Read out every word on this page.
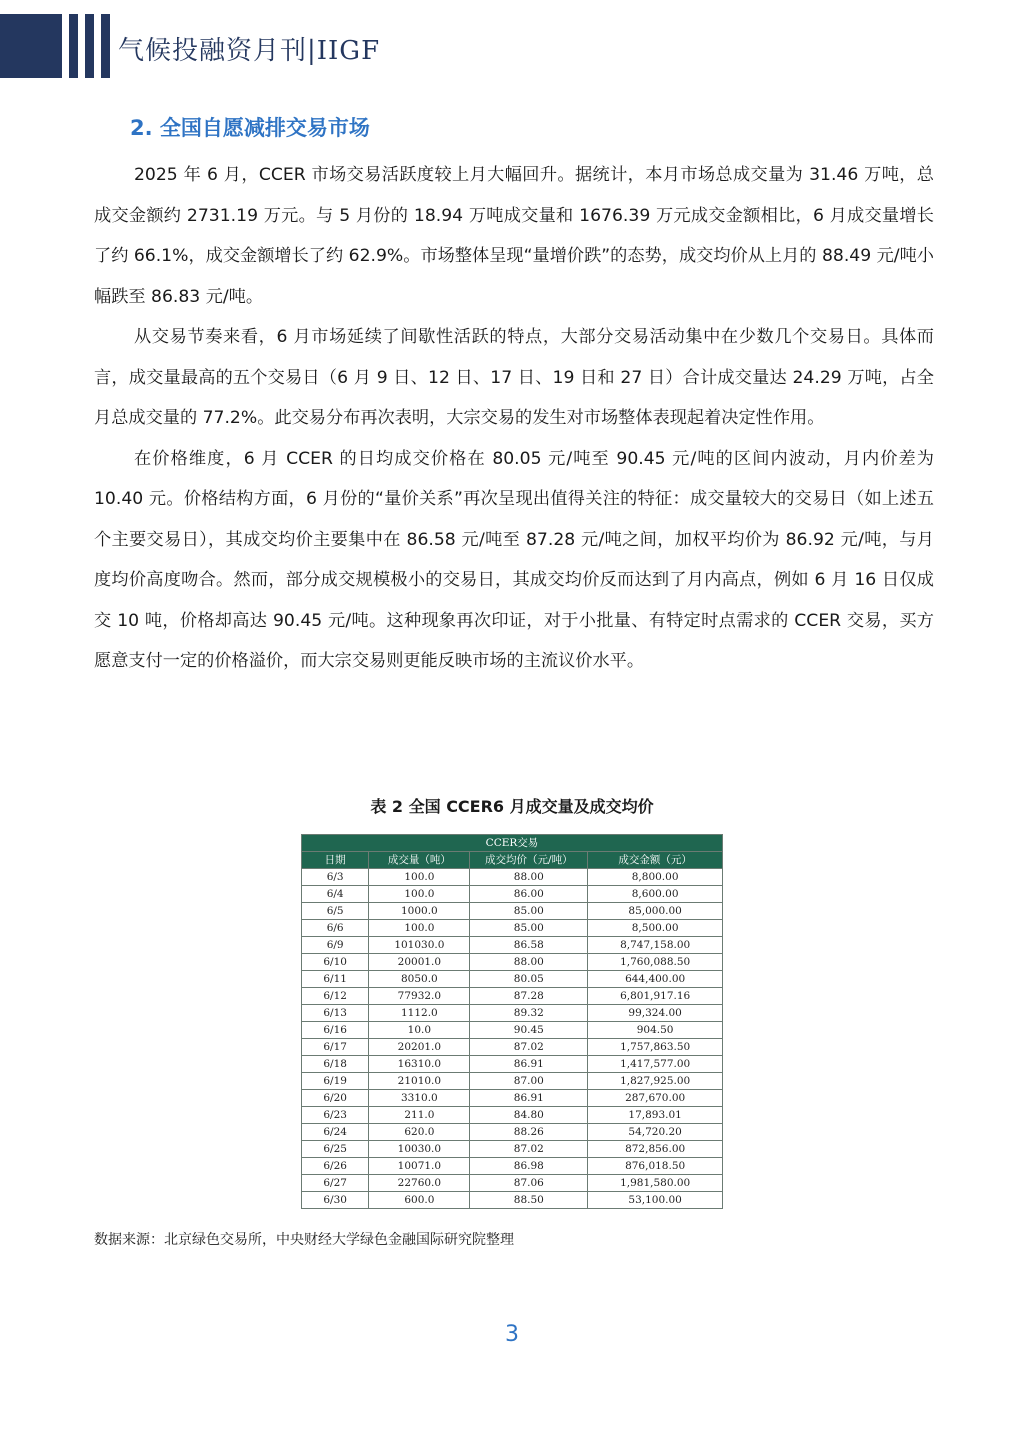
气候投融资月刊|IIGF
2. 全国自愿减排交易市场

2025 年 6 月，CCER 市场交易活跃度较上月大幅回升。据统计，本月市场总成交量为 31.46 万吨，总成交金额约 2731.19 万元。与 5 月份的 18.94 万吨成交量和 1676.39 万元成交金额相比，6 月成交量增长了约 66.1%，成交金额增长了约 62.9%。市场整体呈现“量增价跌”的态势，成交均价从上月的 88.49 元/吨小幅跌至 86.83 元/吨。

从交易节奏来看，6 月市场延续了间歇性活跃的特点，大部分交易活动集中在少数几个交易日。具体而言，成交量最高的五个交易日（6 月 9 日、12 日、17 日、19 日和 27 日）合计成交量达 24.29 万吨，占全月总成交量的 77.2%。此交易分布再次表明，大宗交易的发生对市场整体表现起着决定性作用。

在价格维度，6 月 CCER 的日均成交价格在 80.05 元/吨至 90.45 元/吨的区间内波动，月内价差为 10.40 元。价格结构方面，6 月份的“量价关系”再次呈现出值得关注的特征：成交量较大的交易日（如上述五个主要交易日），其成交均价主要集中在 86.58 元/吨至 87.28 元/吨之间，加权平均价为 86.92 元/吨，与月度均价高度吻合。然而，部分成交规模极小的交易日，其成交均价反而达到了月内高点，例如 6 月 16 日仅成交 10 吨，价格却高达 90.45 元/吨。这种现象再次印证，对于小批量、有特定时点需求的 CCER 交易，买方愿意支付一定的价格溢价，而大宗交易则更能反映市场的主流议价水平。

表 2 全国 CCER6 月成交量及成交均价
CCER交易			
日期	成交量（吨）	成交均价（元/吨）	成交金额（元）
6/3	100.0	88.00	8,800.00
6/4	100.0	86.00	8,600.00
6/5	1000.0	85.00	85,000.00
6/6	100.0	85.00	8,500.00
6/9	101030.0	86.58	8,747,158.00
6/10	20001.0	88.00	1,760,088.50
6/11	8050.0	80.05	644,400.00
6/12	77932.0	87.28	6,801,917.16
6/13	1112.0	89.32	99,324.00
6/16	10.0	90.45	904.50
6/17	20201.0	87.02	1,757,863.50
6/18	16310.0	86.91	1,417,577.00
6/19	21010.0	87.00	1,827,925.00
6/20	3310.0	86.91	287,670.00
6/23	211.0	84.80	17,893.01
6/24	620.0	88.26	54,720.20
6/25	10030.0	87.02	872,856.00
6/26	10071.0	86.98	876,018.50
6/27	22760.0	87.06	1,981,580.00
6/30	600.0	88.50	53,100.00
数据来源：北京绿色交易所，中央财经大学绿色金融国际研究院整理
3
